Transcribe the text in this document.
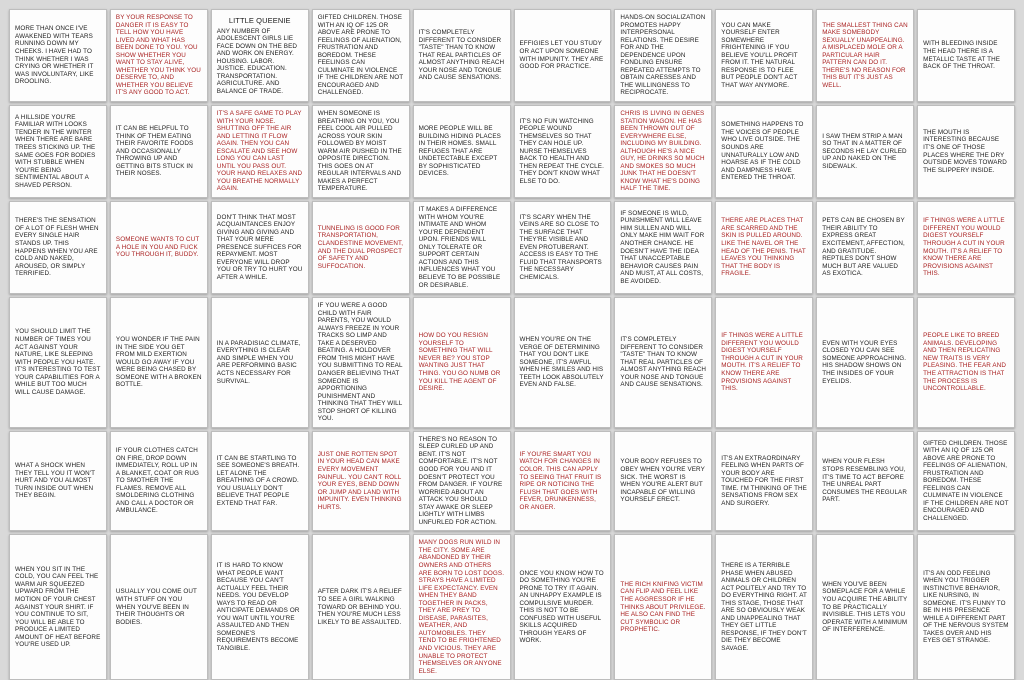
MORE THAN ONCE I'VE AWAKENED WITH TEARS RUNNING DOWN MY CHEEKS. I HAVE HAD TO THINK WHETHER I WAS CRYING OR WHETHER IT WAS INVOLUNTARY, LIKE DROOLING.
BY YOUR RESPONSE TO DANGER IT IS EASY TO TELL HOW YOU HAVE LIVED AND WHAT HAS BEEN DONE TO YOU. YOU SHOW WHETHER YOU WANT TO STAY ALIVE, WHETHER YOU THINK YOU DESERVE TO, AND WHETHER YOU BELIEVE IT'S ANY GOOD TO ACT.
LITTLE QUEENIE
ANY NUMBER OF ADOLESCENT GIRLS LIE FACE DOWN ON THE BED AND WORK ON ENERGY. HOUSING. LABOR. JUSTICE. EDUCATION. TRANSPORTATION. AGRICULTURE. AND BALANCE OF TRADE.
GIFTED CHILDREN. THOSE WITH AN IQ OF 125 OR ABOVE ARE PRONE TO FEELINGS OF ALIENATION, FRUSTRATION AND BOREDOM. THESE FEELINGS CAN CULMINATE IN VIOLENCE IF THE CHILDREN ARE NOT ENCOURAGED AND CHALLENGED.
IT'S COMPLETELY DIFFERENT TO CONSIDER "TASTE" THAN TO KNOW THAT REAL PARTICLES OF ALMOST ANYTHING REACH YOUR NOSE AND TONGUE AND CAUSE SENSATIONS.
EFFIGIES LET YOU STUDY OR ACT UPON SOMEONE WITH IMPUNITY. THEY ARE GOOD FOR PRACTICE.
HANDS-ON SOCIALIZATION PROMOTES HAPPY INTERPERSONAL RELATIONS. THE DESIRE FOR AND THE DEPENDENCE UPON FONDLING ENSURE REPEATED ATTEMPTS TO OBTAIN CARESSES AND THE WILLINGNESS TO RECIPROCATE.
YOU CAN MAKE YOURSELF ENTER SOMEWHERE FRIGHTENING IF YOU BELIEVE YOU'LL PROFIT FROM IT. THE NATURAL RESPONSE IS TO FLEE BUT PEOPLE DON'T ACT THAT WAY ANYMORE.
THE SMALLEST THING CAN MAKE SOMEBODY SEXUALLY UNAPPEALING. A MISPLACED MOLE OR A PARTICULAR HAIR PATTERN CAN DO IT. THERE'S NO REASON FOR THIS BUT IT'S JUST AS WELL.
WITH BLEEDING INSIDE THE HEAD THERE IS A METALLIC TASTE AT THE BACK OF THE THROAT.
A HILLSIDE YOU'RE FAMILIAR WITH LOOKS TENDER IN THE WINTER WHEN THERE ARE BARE TREES STICKING UP. THE SAME GOES FOR BODIES WITH STUBBLE WHEN YOU'RE BEING SENTIMENTAL ABOUT A SHAVED PERSON.
IT CAN BE HELPFUL TO THINK OF THEM EATING THEIR FAVORITE FOODS AND OCCASIONALLY THROWING UP AND GETTING BITS STUCK IN THEIR NOSES.
IT'S A SAFE GAME TO PLAY WITH YOUR NOSE. SHUTTING OFF THE AIR AND LETTING IT FLOW AGAIN. THEN YOU CAN ESCALATE AND SEE HOW LONG YOU CAN LAST UNTIL YOU PASS OUT. YOUR HAND RELAXES AND YOU BREATHE NORMALLY AGAIN.
WHEN SOMEONE IS BREATHING ON YOU, YOU FEEL COOL AIR PULLED ACROSS YOUR SKIN FOLLOWED BY MOIST WARM AIR PUSHED IN THE OPPOSITE DIRECTION. THIS GOES ON AT REGULAR INTERVALS AND MAKES A PERFECT TEMPERATURE.
MORE PEOPLE WILL BE BUILDING HIDING PLACES IN THEIR HOMES. SMALL REFUGES THAT ARE UNDETECTABLE EXCEPT BY SOPHISTICATED DEVICES.
IT'S NO FUN WATCHING PEOPLE WOUND THEMSELVES SO THAT THEY CAN HOLE UP. NURSE THEMSELVES BACK TO HEALTH AND THEN REPEAT THE CYCLE. THEY DON'T KNOW WHAT ELSE TO DO.
CHRIS IS LIVING IN GENES STATION WAGON. HE HAS BEEN THROWN OUT OF EVERYWHERE ELSE, INCLUDING MY BUILDING. ALTHOUGH HE'S A NICE GUY, HE DRINKS SO MUCH AND SMOKES SO MUCH JUNK THAT HE DOESN'T KNOW WHAT HE'S DOING HALF THE TIME.
SOMETHING HAPPENS TO THE VOICES OF PEOPLE WHO LIVE OUTSIDE. THE SOUNDS ARE UNNATURALLY LOW AND HOARSE AS IF THE COLD AND DAMPNESS HAVE ENTERED THE THROAT.
I SAW THEM STRIP A MAN SO THAT IN A MATTER OF SECONDS HE LAY CURLED UP AND NAKED ON THE SIDEWALK.
THE MOUTH IS INTERESTING BECAUSE IT'S ONE OF THOSE PLACES WHERE THE DRY OUTSIDE MOVES TOWARD THE SLIPPERY INSIDE.
THERE'S THE SENSATION OF A LOT OF FLESH WHEN EVERY SINGLE HAIR STANDS UP. THIS HAPPENS WHEN YOU ARE COLD AND NAKED, AROUSED, OR SIMPLY TERRIFIED.
SOMEONE WANTS TO CUT A HOLE IN YOU AND FUCK YOU THROUGH IT, BUDDY.
DON'T THINK THAT MOST ACQUAINTANCES ENJOY GIVING AND GIVING AND THAT YOUR MERE PRESENCE SUFFICES FOR REPAYMENT. MOST EVERYONE WILL DROP YOU OR TRY TO HURT YOU AFTER A WHILE.
TUNNELING IS GOOD FOR TRANSPORTATION, CLANDESTINE MOVEMENT, AND THE DUAL PROSPECT OF SAFETY AND SUFFOCATION.
IT MAKES A DIFFERENCE WITH WHOM YOU'RE INTIMATE AND WHOM YOU'RE DEPENDENT UPON. FRIENDS WILL ONLY TOLERATE OR SUPPORT CERTAIN ACTIONS AND THIS INFLUENCES WHAT YOU BELIEVE TO BE POSSIBLE OR DESIRABLE.
IT'S SCARY WHEN THE VEINS ARE SO CLOSE TO THE SURFACE THAT THEY'RE VISIBLE AND EVEN PROTUBERANT. ACCESS IS EASY TO THE FLUID THAT TRANSPORTS THE NECESSARY CHEMICALS.
IF SOMEONE IS WILD, PUNISHMENT WILL LEAVE HIM SULLEN AND WILL ONLY MAKE HIM WAIT FOR ANOTHER CHANCE. HE DOESN'T HAVE THE IDEA THAT UNACCEPTABLE BEHAVIOR CAUSES PAIN AND MUST, AT ALL COSTS, BE AVOIDED.
THERE ARE PLACES THAT ARE SCARRED AND THE SKIN IS PULLED AROUND. LIKE THE NAVEL OR THE HEAD OF THE PENIS. THAT LEAVES YOU THINKING THAT THE BODY IS FRAGILE.
PETS CAN BE CHOSEN BY THEIR ABILITY TO EXPRESS GREAT EXCITEMENT, AFFECTION, AND GRATITUDE. REPTILES DON'T SHOW MUCH BUT ARE VALUED AS EXOTICA.
IF THINGS WERE A LITTLE DIFFERENT YOU WOULD DIGEST YOURSELF THROUGH A CUT IN YOUR MOUTH. IT'S A RELIEF TO KNOW THERE ARE PROVISIONS AGAINST THIS.
YOU SHOULD LIMIT THE NUMBER OF TIMES YOU ACT AGAINST YOUR NATURE, LIKE SLEEPING WITH PEOPLE YOU HATE. IT'S INTERESTING TO TEST YOUR CAPABILITIES FOR A WHILE BUT TOO MUCH WILL CAUSE DAMAGE.
YOU WONDER IF THE PAIN IN THE SIDE YOU GET FROM MILD EXERTION WOULD GO AWAY IF YOU WERE BEING CHASED BY SOMEONE WITH A BROKEN BOTTLE.
IN A PARADISIAC CLIMATE, EVERYTHING IS CLEAR AND SIMPLE WHEN YOU ARE PERFORMING BASIC ACTS NECESSARY FOR SURVIVAL.
IF YOU WERE A GOOD CHILD WITH FAIR PARENTS, YOU WOULD ALWAYS FREEZE IN YOUR TRACKS SO LIMP AND TAKE A DESERVED BEATING. A HOLDOVER FROM THIS MIGHT HAVE YOU SUBMITTING TO REAL DANGER BELIEVING THAT SOMEONE IS APPORTIONING PUNISHMENT AND THINKING THAT THEY WILL STOP SHORT OF KILLING YOU.
HOW DO YOU RESIGN YOURSELF TO SOMETHING THAT WILL NEVER BE? YOU STOP WANTING JUST THAT THING. YOU GO NUMB OR YOU KILL THE AGENT OF DESIRE.
WHEN YOU'RE ON THE VERGE OF DETERMINING THAT YOU DON'T LIKE SOMEONE, IT'S AWFUL WHEN HE SMILES AND HIS TEETH LOOK ABSOLUTELY EVEN AND FALSE.
IT'S COMPLETELY DIFFERENT TO CONSIDER "TASTE" THAN TO KNOW THAT REAL PARTICLES OF ALMOST ANYTHING REACH YOUR NOSE AND TONGUE AND CAUSE SENSATIONS.
IF THINGS WERE A LITTLE DIFFERENT YOU WOULD DIGEST YOURSELF THROUGH A CUT IN YOUR MOUTH. IT'S A RELIEF TO KNOW THERE ARE PROVISIONS AGAINST THIS.
EVEN WITH YOUR EYES CLOSED YOU CAN SEE SOMEONE APPROACHING. HIS SHADOW SHOWS ON THE INSIDES OF YOUR EYELIDS.
PEOPLE LIKE TO BREED ANIMALS. DEVELOPING AND THEN REPLICATING NEW TRAITS IS VERY PLEASING. THE FEAR AND THE ATTRACTION IS THAT THE PROCESS IS UNCONTROLLABLE.
WHAT A SHOCK WHEN THEY TELL YOU IT WON'T HURT AND YOU ALMOST TURN INSIDE OUT WHEN THEY BEGIN.
IF YOUR CLOTHES CATCH ON FIRE, DROP DOWN IMMEDIATELY, ROLL UP IN A BLANKET, COAT OR RUG TO SMOTHER THE FLAMES. REMOVE ALL SMOLDERING CLOTHING AND CALL A DOCTOR OR AMBULANCE.
IT CAN BE STARTLING TO SEE SOMEONE'S BREATH. LET ALONE THE BREATHING OF A CROWD. YOU USUALLY DON'T BELIEVE THAT PEOPLE EXTEND THAT FAR.
JUST ONE ROTTEN SPOT IN YOUR HEAD CAN MAKE EVERY MOVEMENT PAINFUL. YOU CAN'T ROLL YOUR EYES, BEND DOWN OR JUMP AND LAND WITH IMPUNITY. EVEN THINKING HURTS.
THERE'S NO REASON TO SLEEP CURLED UP AND BENT. IT'S NOT COMFORTABLE. IT'S NOT GOOD FOR YOU AND IT DOESN'T PROTECT YOU FROM DANGER. IF YOU'RE WORRIED ABOUT AN ATTACK YOU SHOULD STAY AWAKE OR SLEEP LIGHTLY WITH LIMBS UNFURLED FOR ACTION.
IF YOU'RE SMART YOU WATCH FOR CHANGES IN COLOR. THIS CAN APPLY TO SEEING THAT FRUIT IS RIPE OR NOTICING THE FLUSH THAT GOES WITH FEVER, DRUNKENNESS, OR ANGER.
YOUR BODY REFUSES TO OBEY WHEN YOU'RE VERY SICK. THE WORST IS WHEN YOU'RE ALERT BUT INCAPABLE OF WILLING YOURSELF ERECT.
IT'S AN EXTRAORDINARY FEELING WHEN PARTS OF YOUR BODY ARE TOUCHED FOR THE FIRST TIME. I'M THINKING OF THE SENSATIONS FROM SEX AND SURGERY.
WHEN YOUR FLESH STOPS RESEMBLING YOU, IT'S TIME TO ACT BEFORE THE UNREAL PART CONSUMES THE REGULAR PART.
GIFTED CHILDREN. THOSE WITH AN IQ OF 125 OR ABOVE ARE PRONE TO FEELINGS OF ALIENATION, FRUSTRATION AND BOREDOM. THESE FEELINGS CAN CULMINATE IN VIOLENCE IF THE CHILDREN ARE NOT ENCOURAGED AND CHALLENGED.
WHEN YOU SIT IN THE COLD, YOU CAN FEEL THE WARM AIR SQUEEZED UPWARD FROM THE MOTION OF YOUR CHEST AGAINST YOUR SHIRT. IF YOU CONTINUE TO SIT, YOU WILL BE ABLE TO PRODUCE A LIMITED AMOUNT OF HEAT BEFORE YOU'RE USED UP.
USUALLY YOU COME OUT WITH STUFF ON YOU WHEN YOU'VE BEEN IN THEIR THOUGHTS OR BODIES.
IT IS HARD TO KNOW WHAT PEOPLE WANT BECAUSE YOU CAN'T ACTUALLY FEEL THEIR NEEDS. YOU DEVELOP WAYS TO READ OR ANTICIPATE DEMANDS OR YOU WAIT UNTIL YOU'RE ASSAULTED AND THEN SOMEONE'S REQUIREMENTS BECOME TANGIBLE.
AFTER DARK IT'S A RELIEF TO SEE A GIRL WALKING TOWARD OR BEHIND YOU. THEN YOU'RE MUCH LESS LIKELY TO BE ASSAULTED.
MANY DOGS RUN WILD IN THE CITY. SOME ARE ABANDONED BY THEIR OWNERS AND OTHERS ARE BORN TO LOST DOGS. STRAYS HAVE A LIMITED LIFE EXPECTANCY. EVEN WHEN THEY BAND TOGETHER IN PACKS, THEY ARE PREY TO DISEASE, PARASITES, WEATHER, AND AUTOMOBILES. THEY TEND TO BE FRIGHTENED AND VICIOUS. THEY ARE UNABLE TO PROTECT THEMSELVES OR ANYONE ELSE.
ONCE YOU KNOW HOW TO DO SOMETHING YOU'RE PRONE TO TRY IT AGAIN. AN UNHAPPY EXAMPLE IS COMPULSIVE MURDER. THIS IS NOT TO BE CONFUSED WITH USEFUL SKILLS ACQUIRED THROUGH YEARS OF WORK.
THE RICH KNIFING VICTIM CAN FLIP AND FEEL LIKE THE AGGRESSOR IF HE THINKS ABOUT PRIVILEGE. HE ALSO CAN FIND THE CUT SYMBOLIC OR PROPHETIC.
THERE IS A TERRIBLE PHASE WHEN ABUSED ANIMALS OR CHILDREN ACT POLITELY AND TRY TO DO EVERYTHING RIGHT. AT THIS STAGE, THOSE THAT ARE SO OBVIOUSLY WEAK AND UNAPPEALING THAT THEY GET LITTLE RESPONSE, IF THEY DON'T DIE THEY BECOME SAVAGE.
WHEN YOU'VE BEEN SOMEPLACE FOR A WHILE YOU ACQUIRE THE ABILITY TO BE PRACTICALLY INVISIBLE. THIS LETS YOU OPERATE WITH A MINIMUM OF INTERFERENCE.
IT'S AN ODD FEELING WHEN YOU TRIGGER INSTINCTIVE BEHAVIOR, LIKE NURSING, IN SOMEONE. IT'S FUNNY TO BE IN HIS PRESENCE WHILE A DIFFERENT PART OF THE NERVOUS SYSTEM TAKES OVER AND HIS EYES GET STRANGE.
